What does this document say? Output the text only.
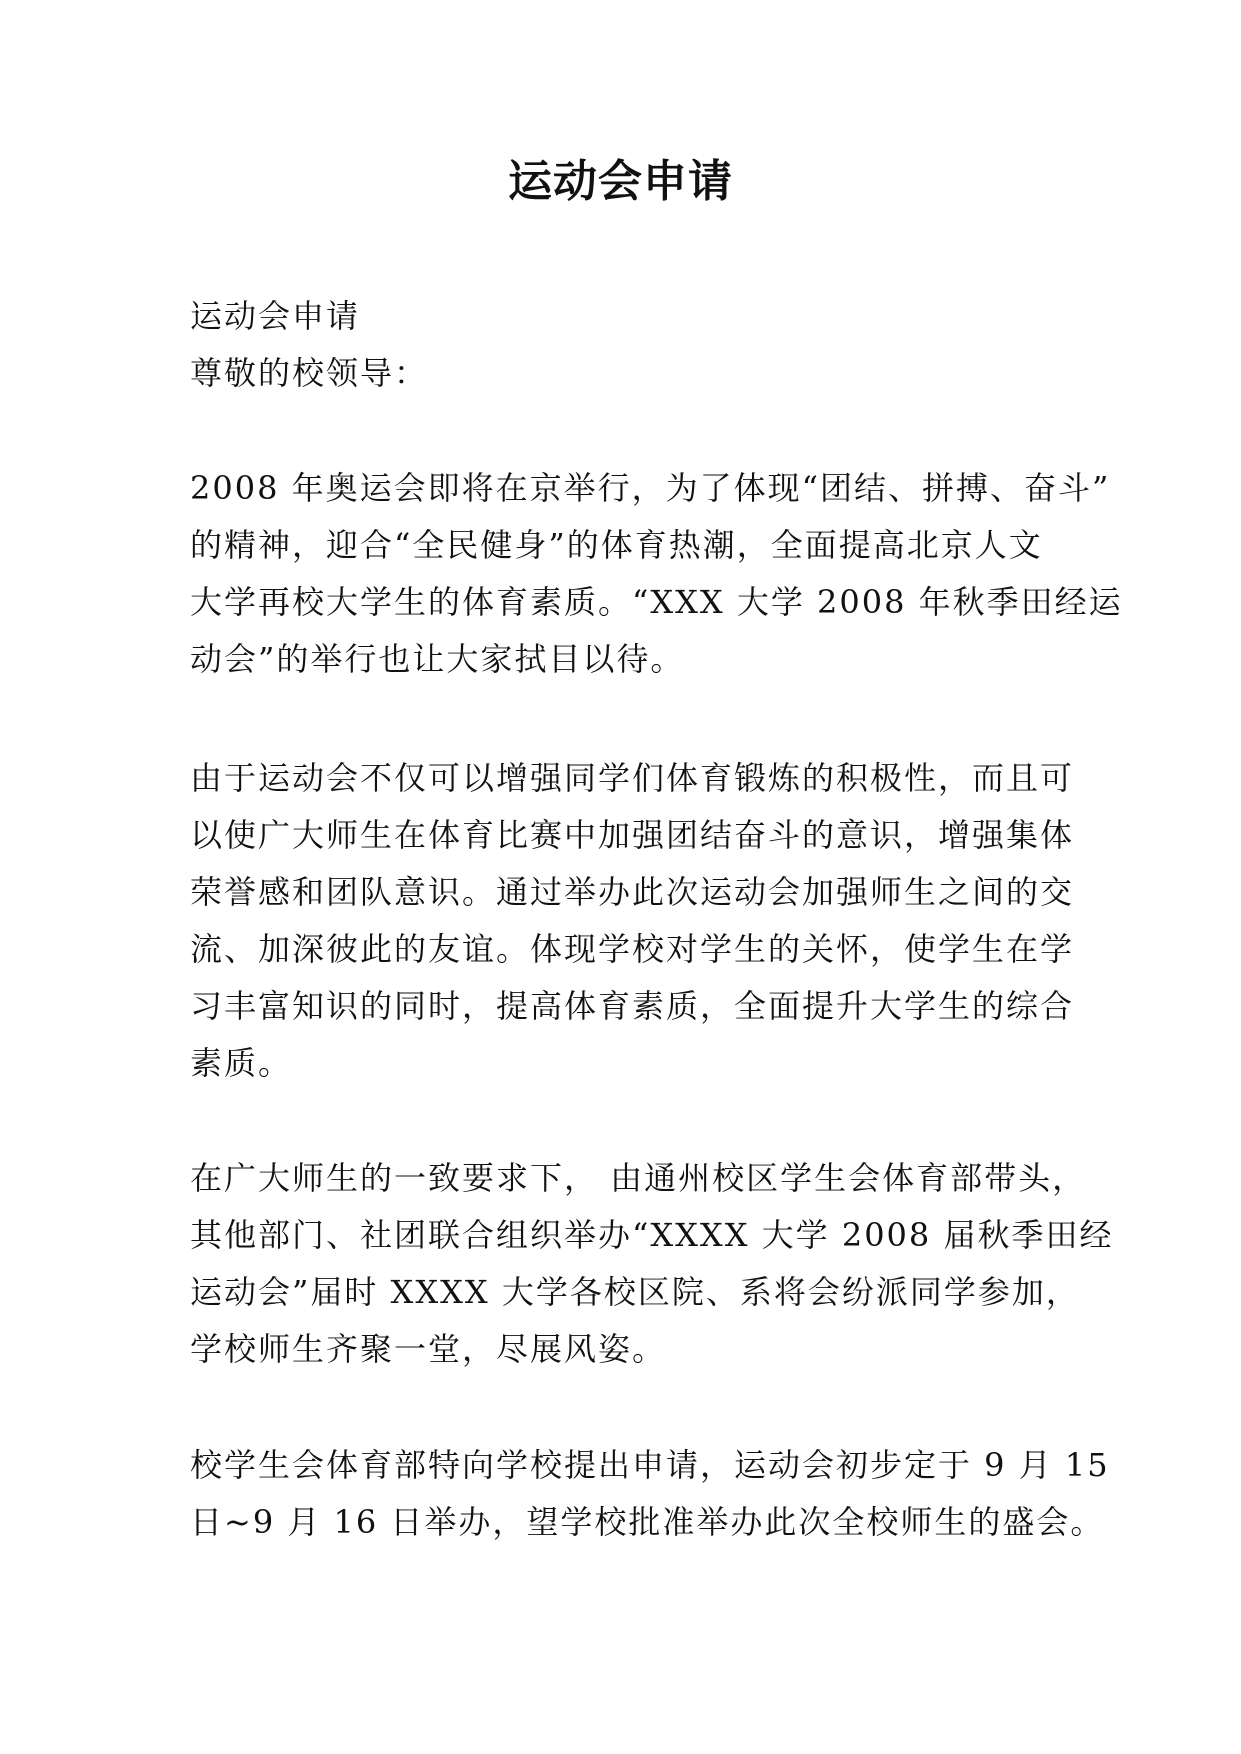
运动会申请

运动会申请

尊敬的校领导：

2008 年奥运会即将在京举行，为了体现“团结、拼搏、奋斗”
的精神，迎合“全民健身”的体育热潮，全面提高北京人文
大学再校大学生的体育素质。“XXX 大学 2008 年秋季田经运
动会”的举行也让大家拭目以待。

由于运动会不仅可以增强同学们体育锻炼的积极性，而且可
以使广大师生在体育比赛中加强团结奋斗的意识，增强集体
荣誉感和团队意识。通过举办此次运动会加强师生之间的交
流、加深彼此的友谊。体现学校对学生的关怀，使学生在学
习丰富知识的同时，提高体育素质，全面提升大学生的综合
素质。

在广大师生的一致要求下， 由通州校区学生会体育部带头，
其他部门、社团联合组织举办“XXXX 大学 2008 届秋季田经
运动会”届时 XXXX 大学各校区院、系将会纷派同学参加，
学校师生齐聚一堂，尽展风姿。

校学生会体育部特向学校提出申请，运动会初步定于 9 月 15
日~9 月 16 日举办，望学校批准举办此次全校师生的盛会。
